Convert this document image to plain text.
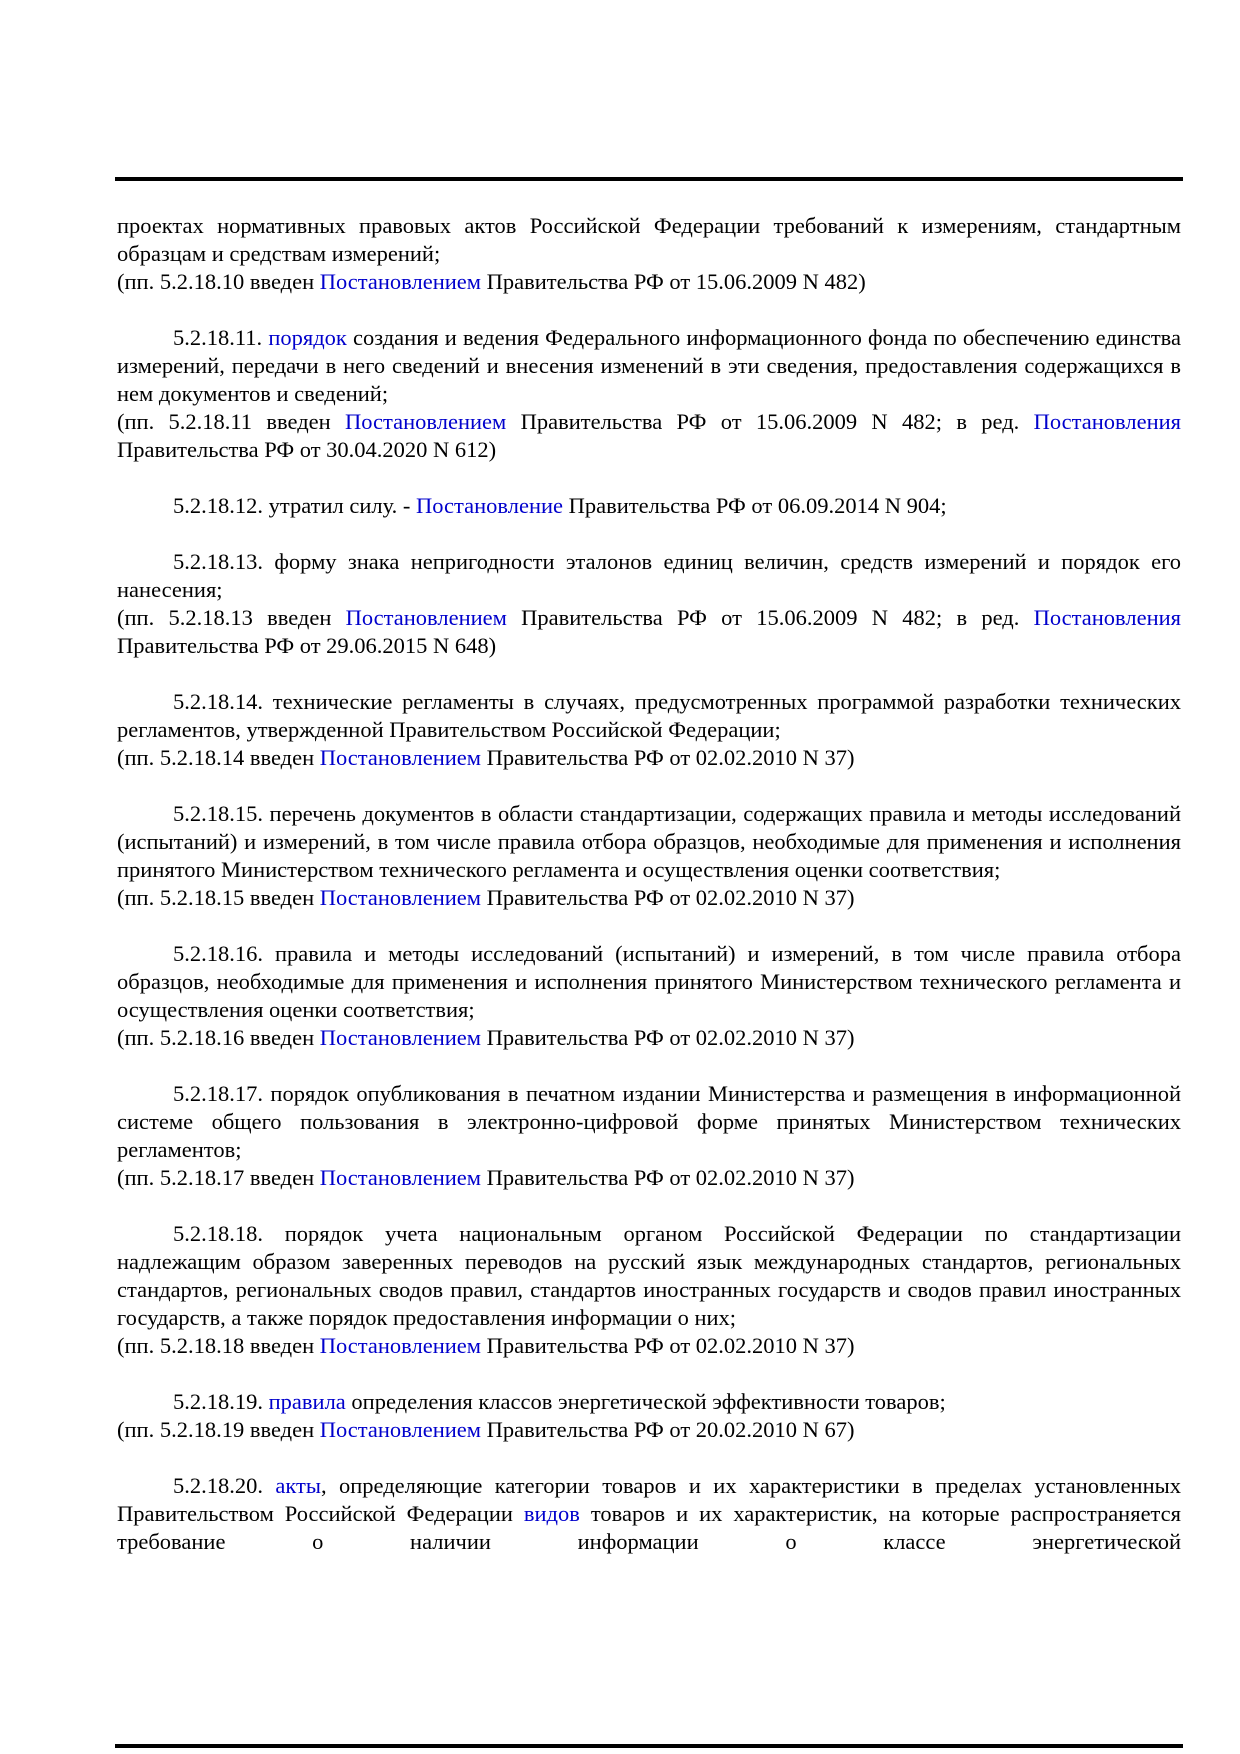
проектах нормативных правовых актов Российской Федерации требований к измерениям, стандартным образцам и средствам измерений;
(пп. 5.2.18.10 введен Постановлением Правительства РФ от 15.06.2009 N 482)
5.2.18.11. порядок создания и ведения Федерального информационного фонда по обеспечению единства измерений, передачи в него сведений и внесения изменений в эти сведения, предоставления содержащихся в нем документов и сведений;
(пп. 5.2.18.11 введен Постановлением Правительства РФ от 15.06.2009 N 482; в ред. Постановления Правительства РФ от 30.04.2020 N 612)
5.2.18.12. утратил силу. - Постановление Правительства РФ от 06.09.2014 N 904;
5.2.18.13. форму знака непригодности эталонов единиц величин, средств измерений и порядок его нанесения;
(пп. 5.2.18.13 введен Постановлением Правительства РФ от 15.06.2009 N 482; в ред. Постановления Правительства РФ от 29.06.2015 N 648)
5.2.18.14. технические регламенты в случаях, предусмотренных программой разработки технических регламентов, утвержденной Правительством Российской Федерации;
(пп. 5.2.18.14 введен Постановлением Правительства РФ от 02.02.2010 N 37)
5.2.18.15. перечень документов в области стандартизации, содержащих правила и методы исследований (испытаний) и измерений, в том числе правила отбора образцов, необходимые для применения и исполнения принятого Министерством технического регламента и осуществления оценки соответствия;
(пп. 5.2.18.15 введен Постановлением Правительства РФ от 02.02.2010 N 37)
5.2.18.16. правила и методы исследований (испытаний) и измерений, в том числе правила отбора образцов, необходимые для применения и исполнения принятого Министерством технического регламента и осуществления оценки соответствия;
(пп. 5.2.18.16 введен Постановлением Правительства РФ от 02.02.2010 N 37)
5.2.18.17. порядок опубликования в печатном издании Министерства и размещения в информационной системе общего пользования в электронно-цифровой форме принятых Министерством технических регламентов;
(пп. 5.2.18.17 введен Постановлением Правительства РФ от 02.02.2010 N 37)
5.2.18.18. порядок учета национальным органом Российской Федерации по стандартизации надлежащим образом заверенных переводов на русский язык международных стандартов, региональных стандартов, региональных сводов правил, стандартов иностранных государств и сводов правил иностранных государств, а также порядок предоставления информации о них;
(пп. 5.2.18.18 введен Постановлением Правительства РФ от 02.02.2010 N 37)
5.2.18.19. правила определения классов энергетической эффективности товаров;
(пп. 5.2.18.19 введен Постановлением Правительства РФ от 20.02.2010 N 67)
5.2.18.20. акты, определяющие категории товаров и их характеристики в пределах установленных Правительством Российской Федерации видов товаров и их характеристик, на которые распространяется требование о наличии информации о классе энергетической
